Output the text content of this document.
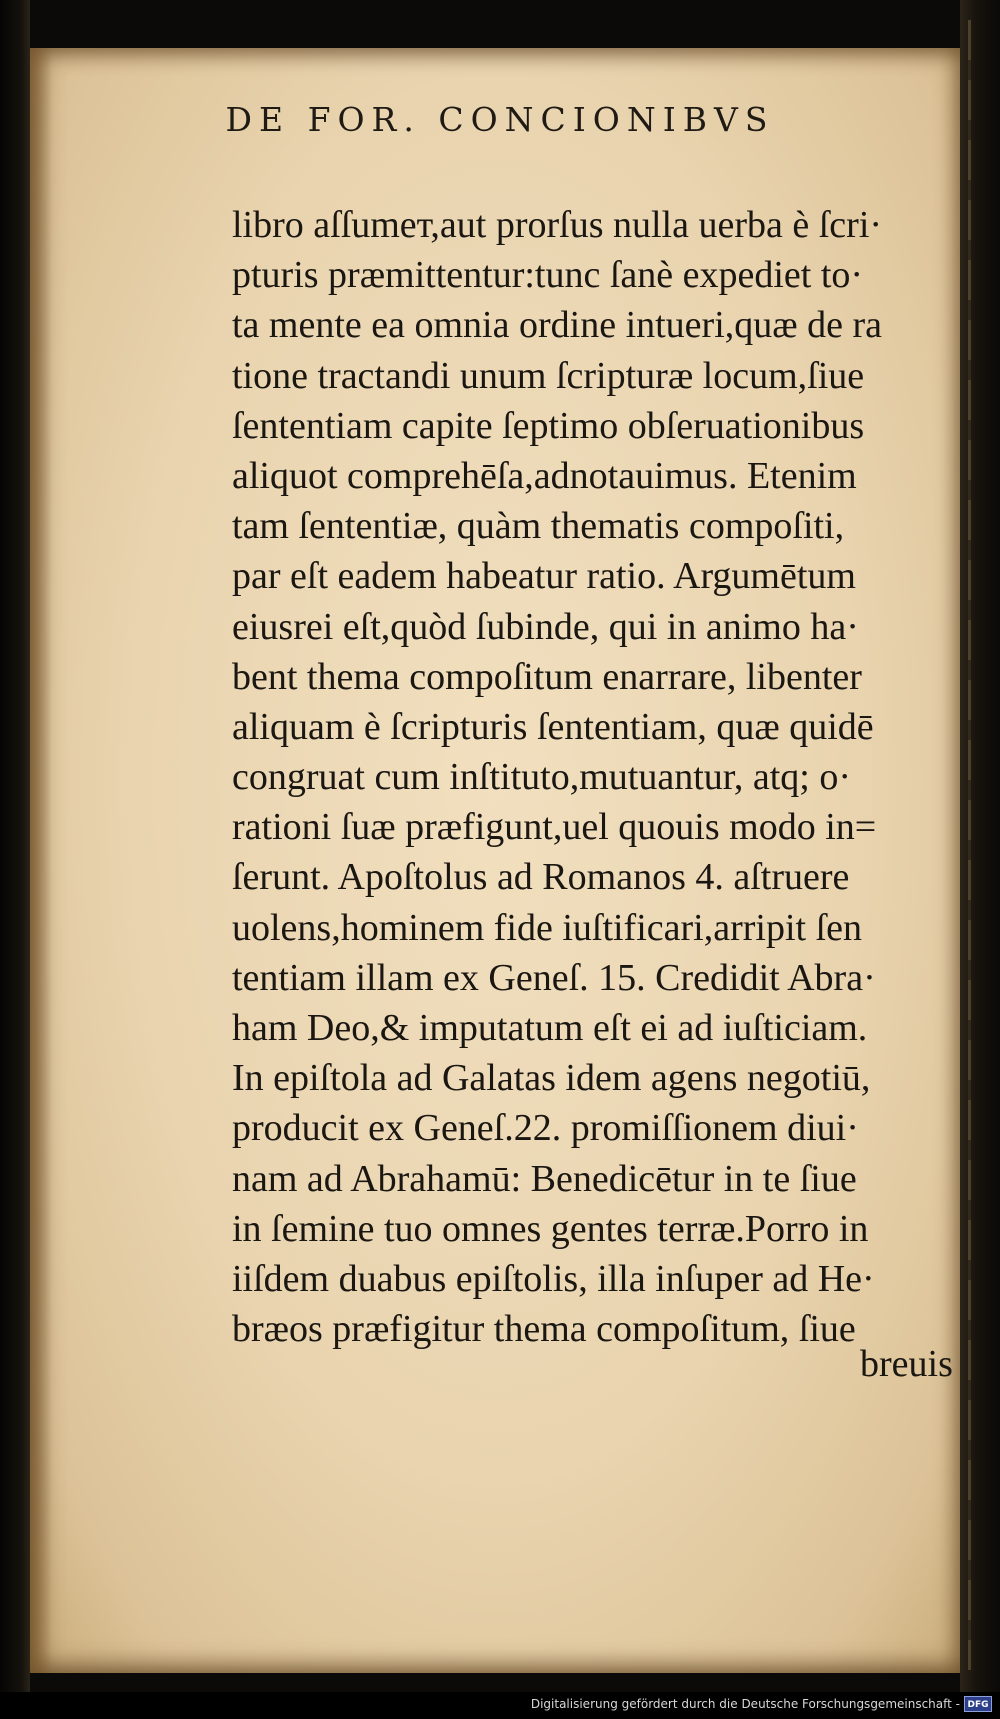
DE FOR. CONCIONIBVS
libro aſſumeт,aut prorſus nulla uerba è ſcri·
pturis præmittentur:tunc ſanè expediet to·
ta mente ea omnia ordine intueri,quæ de ra
tione tractandi unum ſcripturæ locum,ſiue
ſententiam capite ſeptimo obſeruationibus
aliquot comprehēſa,adnotauimus. Etenim
tam ſententiæ, quàm thematis compoſiti,
par eſt eadem habeatur ratio. Argumētum
eiusrei eſt,quòd ſubinde, qui in animo ha·
bent thema compoſitum enarrare, libenter
aliquam è ſcripturis ſententiam, quæ quidē
congruat cum inſtituto,mutuantur, atq; o·
rationi ſuæ præfigunt,uel quouis modo in=
ſerunt. Apoſtolus ad Romanos 4. aſtruere
uolens,hominem fide iuſtificari,arripit ſen
tentiam illam ex Geneſ. 15. Credidit Abra·
ham Deo,& imputatum eſt ei ad iuſticiam.
In epiſtola ad Galatas idem agens negotiū,
producit ex Geneſ.22. promiſſionem diui·
nam ad Abrahamū: Benedicētur in te ſiue
in ſemine tuo omnes gentes terræ.Porro in
iiſdem duabus epiſtolis, illa inſuper ad He·
bræos præfigitur thema compoſitum, ſiue
breuis
Digitalisierung gefördert durch die Deutsche Forschungsgemeinschaft - DFG
